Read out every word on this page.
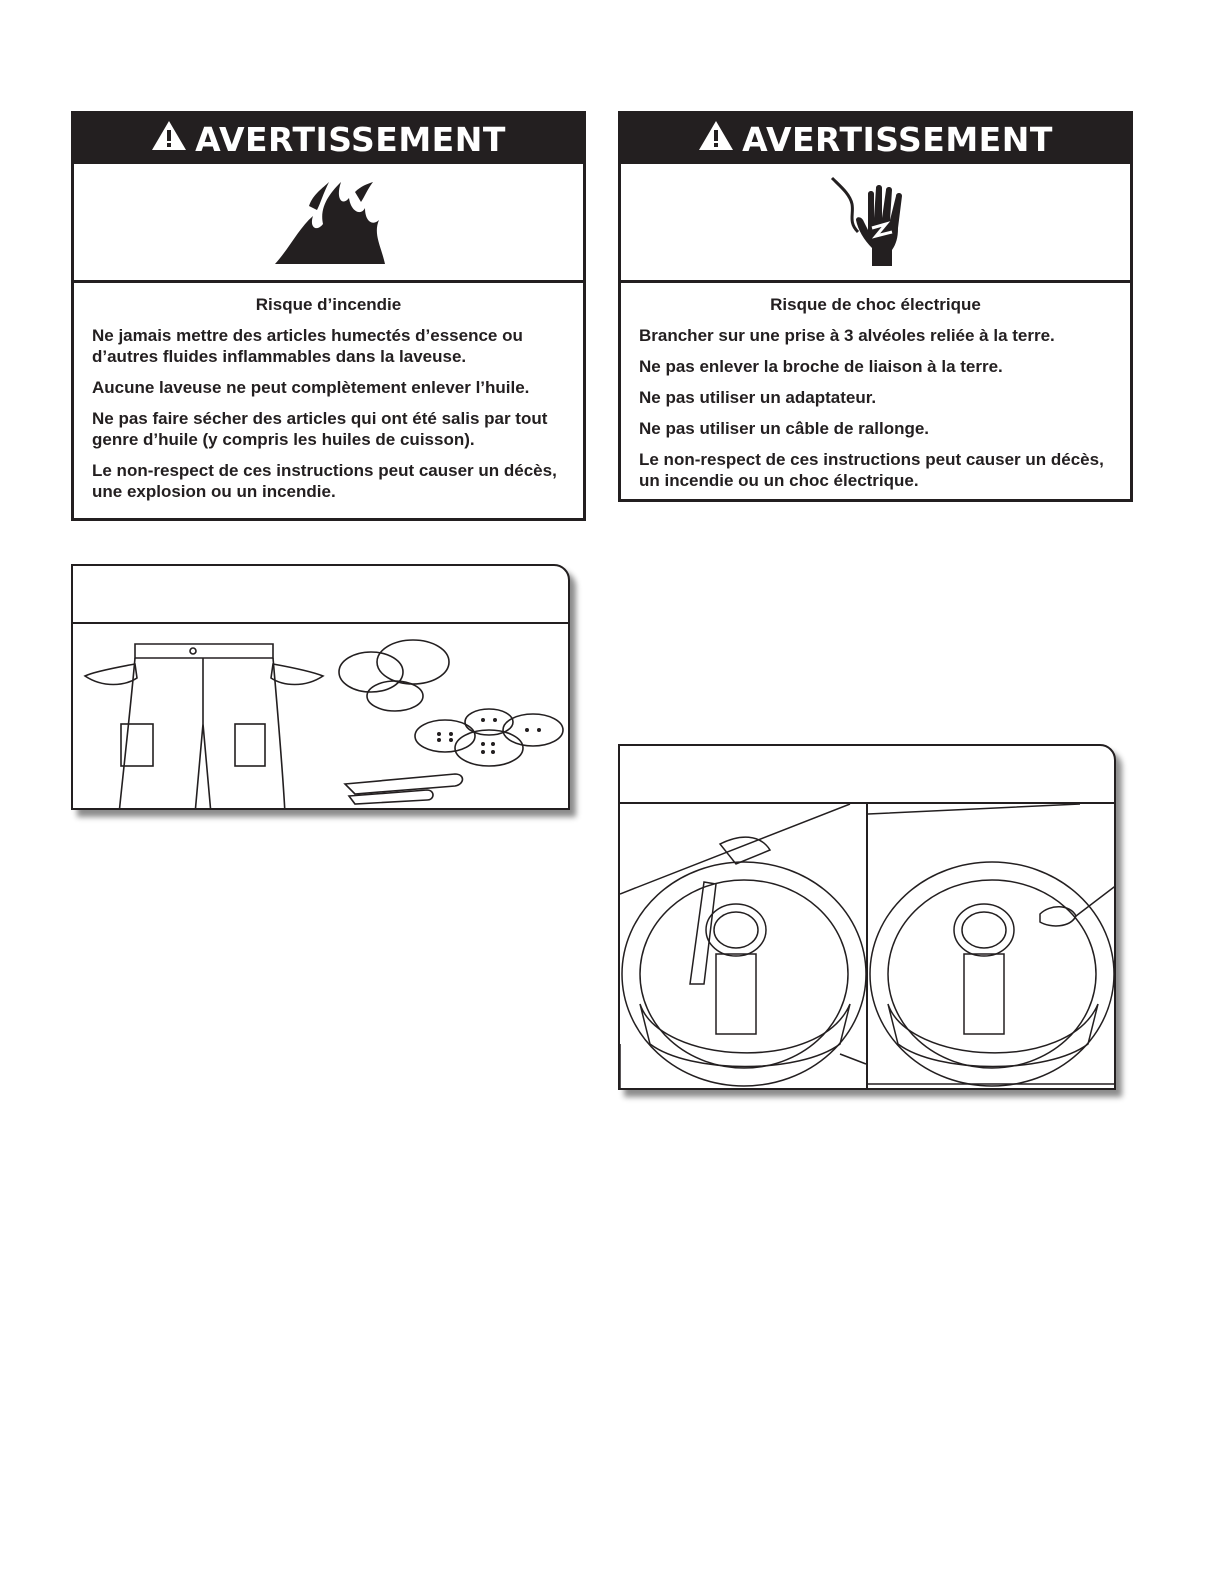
AVERTISSEMENT
Risque d’incendie

Ne jamais mettre des articles humectés d’essence ou d’autres fluides inflammables dans la laveuse.

Aucune laveuse ne peut complètement enlever l’huile.

Ne pas faire sécher des articles qui ont été salis par tout genre d’huile (y compris les huiles de cuisson).

Le non-respect de ces instructions peut causer un décès, une explosion ou un incendie.

AVERTISSEMENT
Risque de choc électrique

Brancher sur une prise à 3 alvéoles reliée à la terre.

Ne pas enlever la broche de liaison à la terre.

Ne pas utiliser un adaptateur.

Ne pas utiliser un câble de rallonge.

Le non-respect de ces instructions peut causer un décès, un incendie ou un choc électrique.
